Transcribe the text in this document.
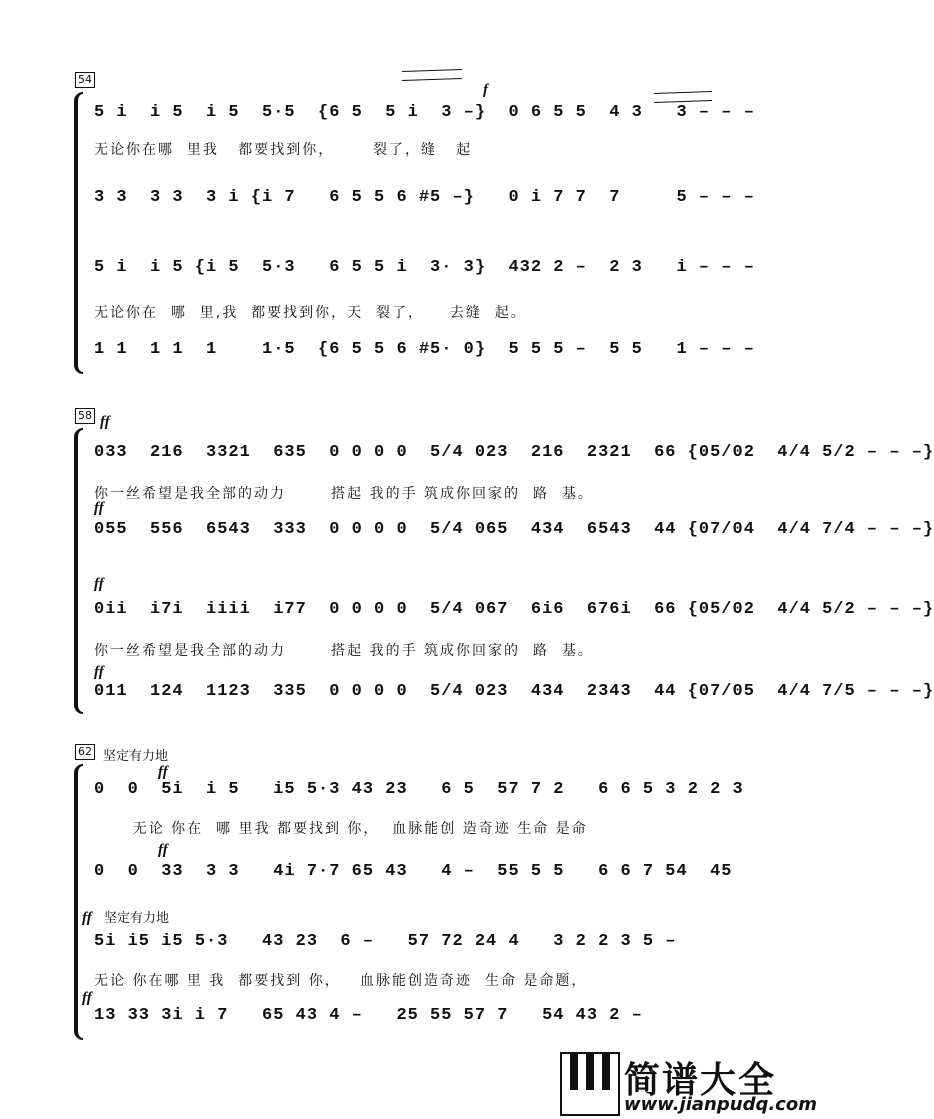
54
f
5 i  i 5  i 5  5·5  {6 5  5 i  3 –}  0 6 5 5  4 3   3 – – –
无论你在哪  里我   都要找到你，      裂了，缝   起
3 3  3 3  3 i {i 7   6 5 5 6 #5 –}   0 i 7 7  7     5 – – –
5 i  i 5 {i 5  5·3   6 5 5 i  3· 3}  432 2 –  2 3   i – – –
无论你在  哪  里,我  都要找到你，天  裂了，    去缝  起。
1 1  1 1  1    1·5  {6 5 5 6 #5· 0}  5 5 5 –  5 5   1 – – –
58 ff
ff
ff
ff
033  216  3321  635  0 0 0 0  5/4 023  216  2321  66 {05/02  4/4 5/2 – – –}
你一丝希望是我全部的动力       搭起 我的手 筑成你回家的  路  基。
055  556  6543  333  0 0 0 0  5/4 065  434  6543  44 {07/04  4/4 7/4 – – –}
0ii  i7i  iiii  i77  0 0 0 0  5/4 067  6i6  676i  66 {05/02  4/4 5/2 – – –}
你一丝希望是我全部的动力       搭起 我的手 筑成你回家的  路  基。
011  124  1123  335  0 0 0 0  5/4 023  434  2343  44 {07/05  4/4 7/5 – – –}
62 坚定有力地
ff
ff
ff 坚定有力地
ff
0  0  5i  i 5   i5 5·3 43 23   6 5  57 7 2   6 6 5 3 2 2 3
无论 你在  哪 里我 都要找到 你，  血脉能创 造奇迹 生命 是命
0  0  33  3 3   4i 7·7 65 43   4 –  55 5 5   6 6 7 54  45
5i i5 i5 5·3   43 23  6 –   57 72 24 4   3 2 2 3 5 –
无论 你在哪 里 我  都要找到 你，   血脉能创造奇迹  生命 是命题，
13 33 3i i 7   65 43 4 –   25 55 57 7   54 43 2 –
简谱大全
www.jianpudq.com
